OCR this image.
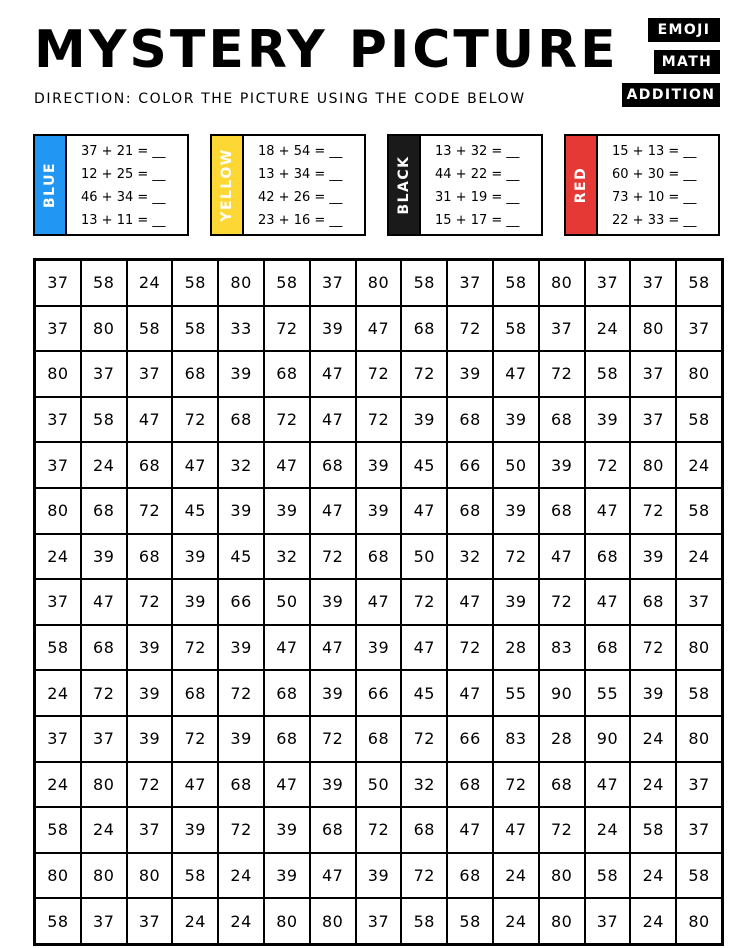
MYSTERY PICTURE
DIRECTION: COLOR THE PICTURE USING THE CODE BELOW
EMOJI
MATH
ADDITION
BLUE
37 + 21 = __
12 + 25 = __
46 + 34 = __
13 + 11 = __	YELLOW 18 + 54 = __
13 + 34 = __
42 + 26 = __
23 + 16 = __
BLACK
13 + 32 = __
44 + 22 = __
31 + 19 = __
15 + 17 = __
RED
15 + 13 = __
60 + 30 = __
73 + 10 = __
22 + 33 = __
37	58	24	58	80	58	37	80	58	37	58	80	37	37	58
37	80	58	58	33	72	39	47	68	72	58	37	24	80	37
80	37	37	68	39	68	47	72	72	39	47	72	58	37	80
37	58	47	72	68	72	47	72	39	68	39	68	39	37	58
37	24	68	47	32	47	68	39	45	66	50	39	72	80	24
80	68	72	45	39	39	47	39	47	68	39	68	47	72	58
24	39	68	39	45	32	72	68	50	32	72	47	68	39	24
37	47	72	39	66	50	39	47	72	47	39	72	47	68	37
58	68	39	72	39	47	47	39	47	72	28	83	68	72	80
24	72	39	68	72	68	39	66	45	47	55	90	55	39	58
37	37	39	72	39	68	72	68	72	66	83	28	90	24	80
24	80	72	47	68	47	39	50	32	68	72	68	47	24	37
58	24	37	39	72	39	68	72	68	47	47	72	24	58	37
80	80	80	58	24	39	47	39	72	68	24	80	58	24	58
58	37	37	24	24	80	80	37	58	58	24	80	37	24	80
